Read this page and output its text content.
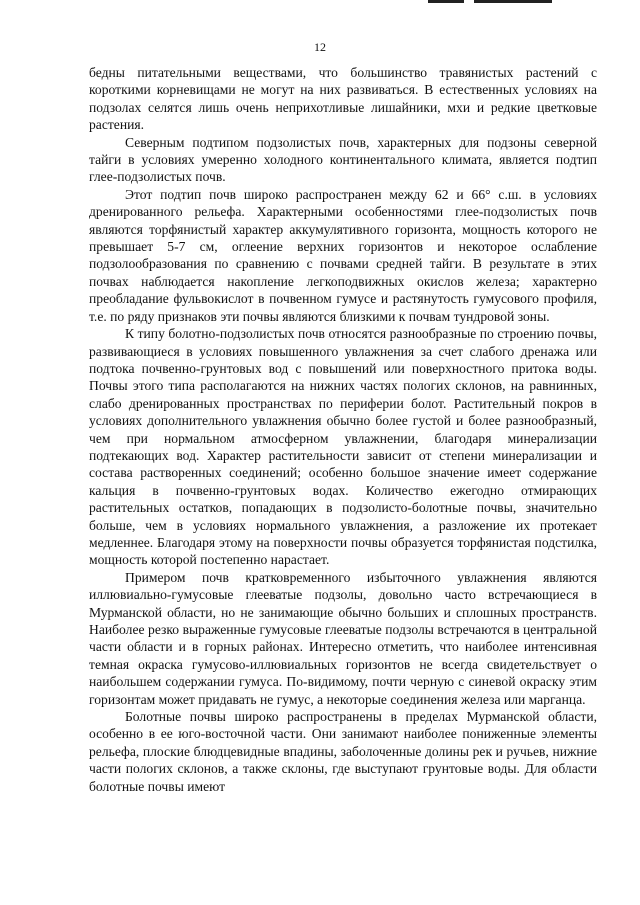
12

бедны питательными веществами, что большинство травянистых растений с короткими корневищами не могут на них развиваться. В естественных условиях на подзолах селятся лишь очень неприхотливые лишайники, мхи и редкие цветковые растения.

Северным подтипом подзолистых почв, характерных для подзоны северной тайги в условиях умеренно холодного континентального климата, является подтип глее-подзолистых почв.

Этот подтип почв широко распространен между 62 и 66° с.ш. в условиях дренированного рельефа. Характерными особенностями глее-подзолистых почв являются торфянистый характер аккумулятивного горизонта, мощность которого не превышает 5-7 см, оглеение верхних горизонтов и некоторое ослабление подзолообразования по сравнению с почвами средней тайги. В результате в этих почвах наблюдается накопление легкоподвижных окислов железа; характерно преобладание фульвокислот в почвенном гумусе и растянутость гумусового профиля, т.е. по ряду признаков эти почвы являются близкими к почвам тундровой зоны.

К типу болотно-подзолистых почв относятся разнообразные по строению почвы, развивающиеся в условиях повышенного увлажнения за счет слабого дренажа или подтока почвенно-грунтовых вод с повышений или поверхностного притока воды. Почвы этого типа располагаются на нижних частях пологих склонов, на равнинных, слабо дренированных пространствах по периферии болот. Растительный покров в условиях дополнительного увлажнения обычно более густой и более разнообразный, чем при нормальном атмосферном увлажнении, благодаря минерализации подтекающих вод. Характер растительности зависит от степени минерализации и состава растворенных соединений; особенно большое значение имеет содержание кальция в почвенно-грунтовых водах. Количество ежегодно отмирающих растительных остатков, попадающих в подзолисто-болотные почвы, значительно больше, чем в условиях нормального увлажнения, а разложение их протекает медленнее. Благодаря этому на поверхности почвы образуется торфянистая подстилка, мощность которой постепенно нарастает.

Примером почв кратковременного избыточного увлажнения являются иллювиально-гумусовые глееватые подзолы, довольно часто встречающиеся в Мурманской области, но не занимающие обычно больших и сплошных пространств. Наиболее резко выраженные гумусовые глееватые подзолы встречаются в центральной части области и в горных районах. Интересно отметить, что наиболее интенсивная темная окраска гумусово-иллювиальных горизонтов не всегда свидетельствует о наибольшем содержании гумуса. По-видимому, почти черную с синевой окраску этим горизонтам может придавать не гумус, а некоторые соединения железа или марганца.

Болотные почвы широко распространены в пределах Мурманской области, особенно в ее юго-восточной части. Они занимают наиболее пониженные элементы рельефа, плоские блюдцевидные впадины, заболоченные долины рек и ручьев, нижние части пологих склонов, а также склоны, где выступают грунтовые воды. Для области болотные почвы имеют
